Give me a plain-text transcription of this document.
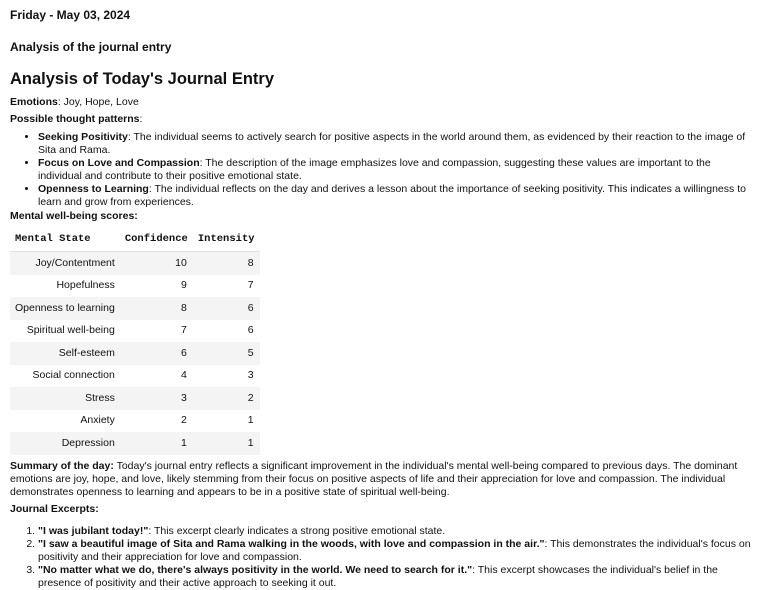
Friday - May 03, 2024
Analysis of the journal entry
Analysis of Today's Journal Entry

Emotions: Joy, Hope, Love

Possible thought patterns:

• Seeking Positivity: The individual seems to actively search for positive aspects in the world around them, as evidenced by their reaction to the image of Sita and Rama.
• Focus on Love and Compassion: The description of the image emphasizes love and compassion, suggesting these values are important to the individual and contribute to their positive emotional state.
• Openness to Learning: The individual reflects on the day and derives a lesson about the importance of seeking positivity. This indicates a willingness to learn and grow from experiences.

Mental well-being scores:

Mental State	Confidence	Intensity
Joy/Contentment	10	8
Hopefulness	9	7
Openness to learning	8	6
Spiritual well-being	7	6
Self-esteem	6	5
Social connection	4	3
Stress	3	2
Anxiety	2	1
Depression	1	1

Summary of the day: Today's journal entry reflects a significant improvement in the individual's mental well-being compared to previous days. The dominant emotions are joy, hope, and love, likely stemming from their focus on positive aspects of life and their appreciation for love and compassion. The individual demonstrates openness to learning and appears to be in a positive state of spiritual well-being.

Journal Excerpts:

1. "I was jubilant today!": This excerpt clearly indicates a strong positive emotional state.
2. "I saw a beautiful image of Sita and Rama walking in the woods, with love and compassion in the air.": This demonstrates the individual's focus on positivity and their appreciation for love and compassion.
3. "No matter what we do, there's always positivity in the world. We need to search for it.": This excerpt showcases the individual's belief in the presence of positivity and their active approach to seeking it out.
